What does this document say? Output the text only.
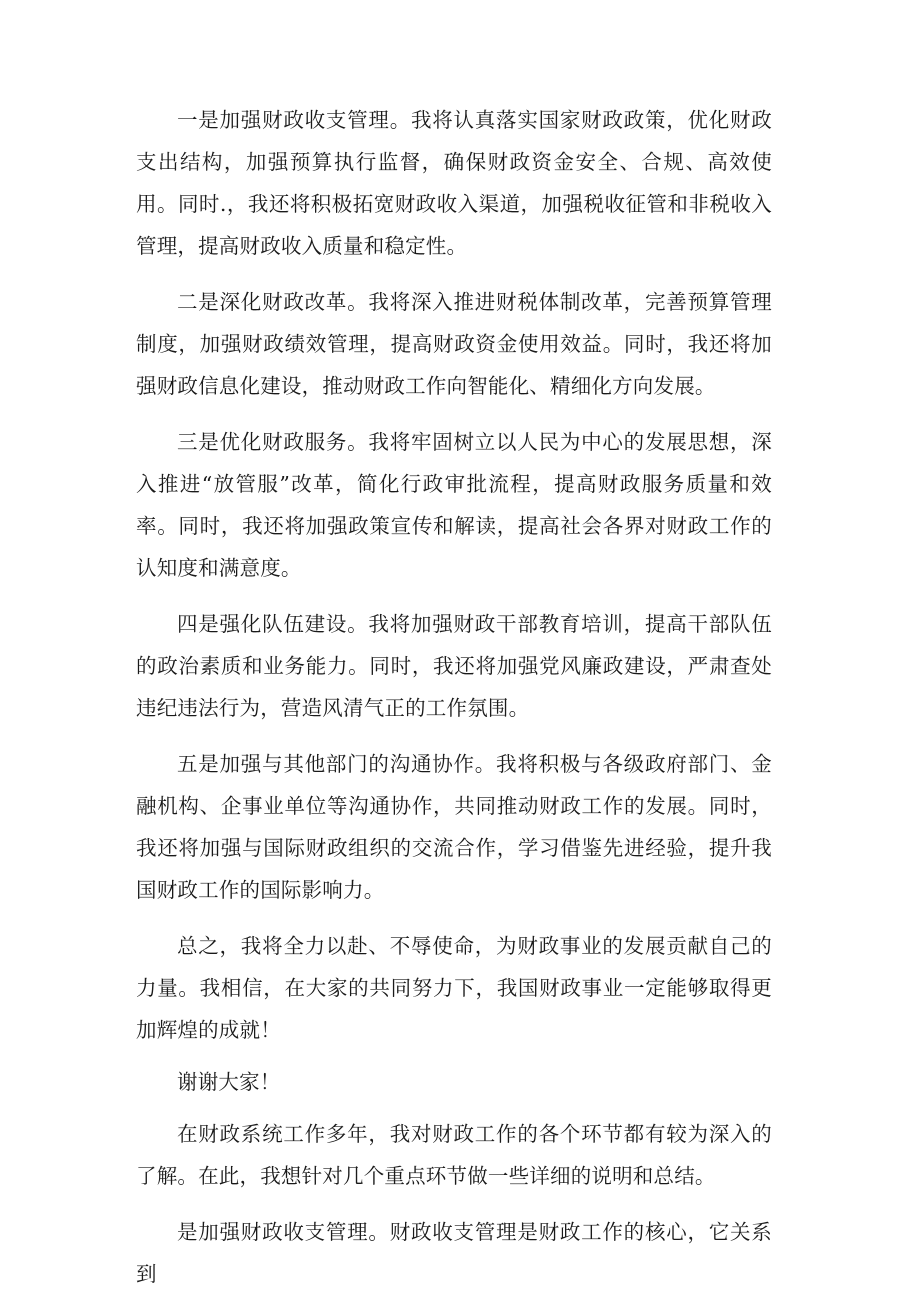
一是加强财政收支管理。我将认真落实国家财政政策，优化财政支出结构，加强预算执行监督，确保财政资金安全、合规、高效使用。同时.，我还将积极拓宽财政收入渠道，加强税收征管和非税收入管理，提高财政收入质量和稳定性。

二是深化财政改革。我将深入推进财税体制改革，完善预算管理制度，加强财政绩效管理，提高财政资金使用效益。同时，我还将加强财政信息化建设，推动财政工作向智能化、精细化方向发展。

三是优化财政服务。我将牢固树立以人民为中心的发展思想，深入推进“放管服”改革，简化行政审批流程，提高财政服务质量和效率。同时，我还将加强政策宣传和解读，提高社会各界对财政工作的认知度和满意度。

四是强化队伍建设。我将加强财政干部教育培训，提高干部队伍的政治素质和业务能力。同时，我还将加强党风廉政建设，严肃查处违纪违法行为，营造风清气正的工作氛围。

五是加强与其他部门的沟通协作。我将积极与各级政府部门、金融机构、企事业单位等沟通协作，共同推动财政工作的发展。同时，我还将加强与国际财政组织的交流合作，学习借鉴先进经验，提升我国财政工作的国际影响力。

总之，我将全力以赴、不辱使命，为财政事业的发展贡献自己的力量。我相信，在大家的共同努力下，我国财政事业一定能够取得更加辉煌的成就！

谢谢大家！

在财政系统工作多年，我对财政工作的各个环节都有较为深入的了解。在此，我想针对几个重点环节做一些详细的说明和总结。

是加强财政收支管理。财政收支管理是财政工作的核心，它关系到
